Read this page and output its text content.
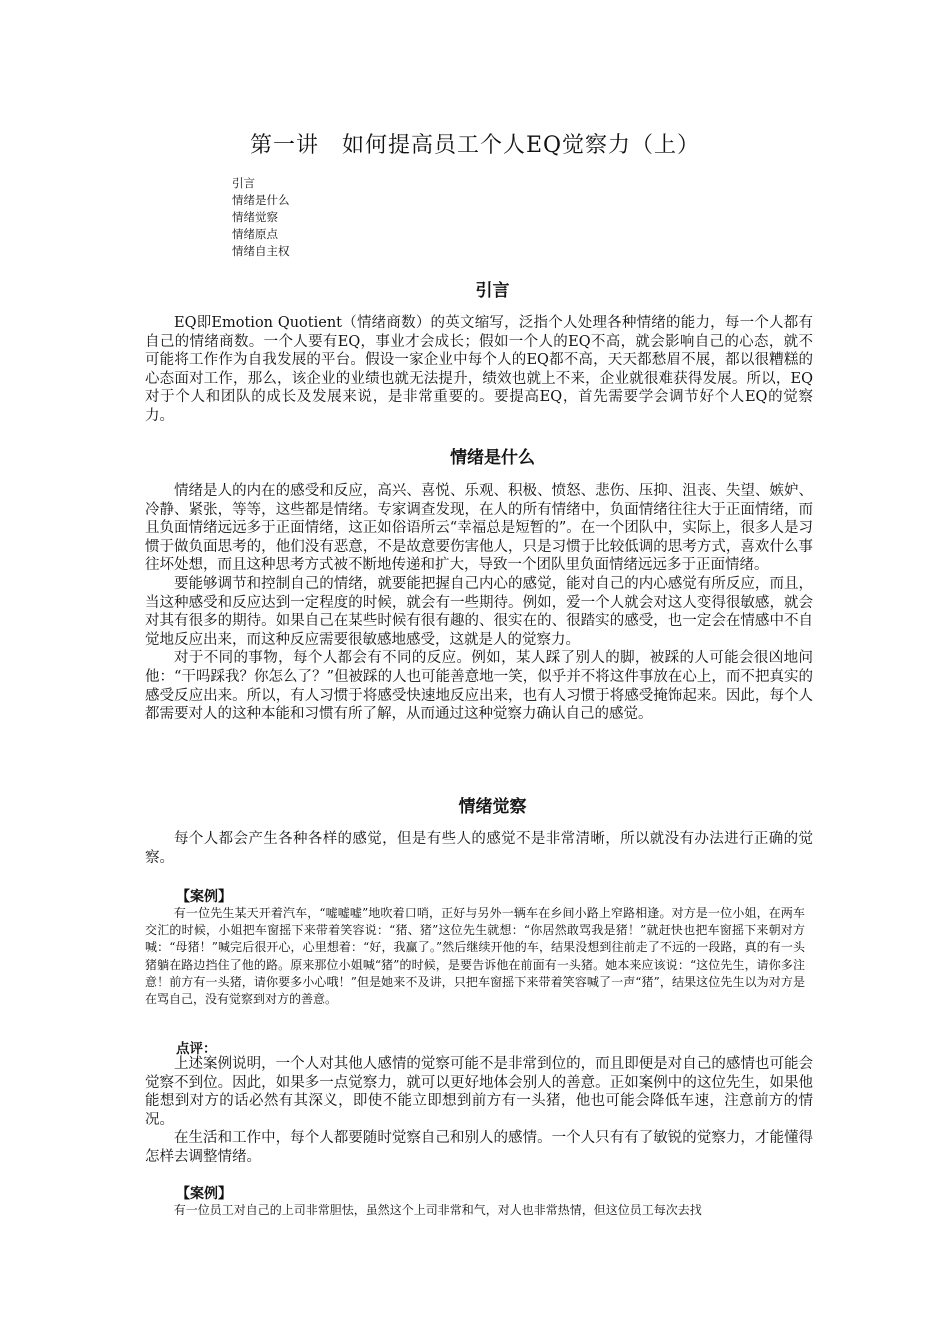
第一讲　如何提高员工个人EQ觉察力（上）
引言
情绪是什么
情绪觉察
情绪原点
情绪自主权
引言

EQ即Emotion Quotient（情绪商数）的英文缩写，泛指个人处理各种情绪的能力，每一个人都有自己的情绪商数。一个人要有EQ，事业才会成长；假如一个人的EQ不高，就会影响自己的心态，就不可能将工作作为自我发展的平台。假设一家企业中每个人的EQ都不高，天天都愁眉不展，都以很糟糕的心态面对工作，那么，该企业的业绩也就无法提升，绩效也就上不来，企业就很难获得发展。所以，EQ对于个人和团队的成长及发展来说，是非常重要的。要提高EQ，首先需要学会调节好个人EQ的觉察力。

情绪是什么

情绪是人的内在的感受和反应，高兴、喜悦、乐观、积极、愤怒、悲伤、压抑、沮丧、失望、嫉妒、冷静、紧张，等等，这些都是情绪。专家调查发现，在人的所有情绪中，负面情绪往往大于正面情绪，而且负面情绪远远多于正面情绪，这正如俗语所云“幸福总是短暂的”。在一个团队中，实际上，很多人是习惯于做负面思考的，他们没有恶意，不是故意要伤害他人，只是习惯于比较低调的思考方式，喜欢什么事往坏处想，而且这种思考方式被不断地传递和扩大，导致一个团队里负面情绪远远多于正面情绪。

要能够调节和控制自己的情绪，就要能把握自己内心的感觉，能对自己的内心感觉有所反应，而且，当这种感受和反应达到一定程度的时候，就会有一些期待。例如，爱一个人就会对这人变得很敏感，就会对其有很多的期待。如果自己在某些时候有很有趣的、很实在的、很踏实的感受，也一定会在情感中不自觉地反应出来，而这种反应需要很敏感地感受，这就是人的觉察力。

对于不同的事物，每个人都会有不同的反应。例如，某人踩了别人的脚，被踩的人可能会很凶地问他：“干吗踩我？你怎么了？”但被踩的人也可能善意地一笑，似乎并不将这件事放在心上，而不把真实的感受反应出来。所以，有人习惯于将感受快速地反应出来，也有人习惯于将感受掩饰起来。因此，每个人都需要对人的这种本能和习惯有所了解，从而通过这种觉察力确认自己的感觉。

情绪觉察

每个人都会产生各种各样的感觉，但是有些人的感觉不是非常清晰，所以就没有办法进行正确的觉察。

【案例】

有一位先生某天开着汽车，“嘘嘘嘘”地吹着口哨，正好与另外一辆车在乡间小路上窄路相逢。对方是一位小姐，在两车交汇的时候，小姐把车窗摇下来带着笑容说：“猪、猪”这位先生就想：“你居然敢骂我是猪！”就赶快也把车窗摇下来朝对方喊：“母猪！”喊完后很开心，心里想着：“好，我赢了。”然后继续开他的车，结果没想到往前走了不远的一段路，真的有一头猪躺在路边挡住了他的路。原来那位小姐喊“猪”的时候，是要告诉他在前面有一头猪。她本来应该说：“这位先生，请你多注意！前方有一头猪，请你要多小心哦！”但是她来不及讲，只把车窗摇下来带着笑容喊了一声“猪”，结果这位先生以为对方是在骂自己，没有觉察到对方的善意。

点评：

上述案例说明，一个人对其他人感情的觉察可能不是非常到位的，而且即便是对自己的感情也可能会觉察不到位。因此，如果多一点觉察力，就可以更好地体会别人的善意。正如案例中的这位先生，如果他能想到对方的话必然有其深义，即使不能立即想到前方有一头猪，他也可能会降低车速，注意前方的情况。

在生活和工作中，每个人都要随时觉察自己和别人的感情。一个人只有有了敏锐的觉察力，才能懂得怎样去调整情绪。

【案例】

有一位员工对自己的上司非常胆怯，虽然这个上司非常和气，对人也非常热情，但这位员工每次去找
